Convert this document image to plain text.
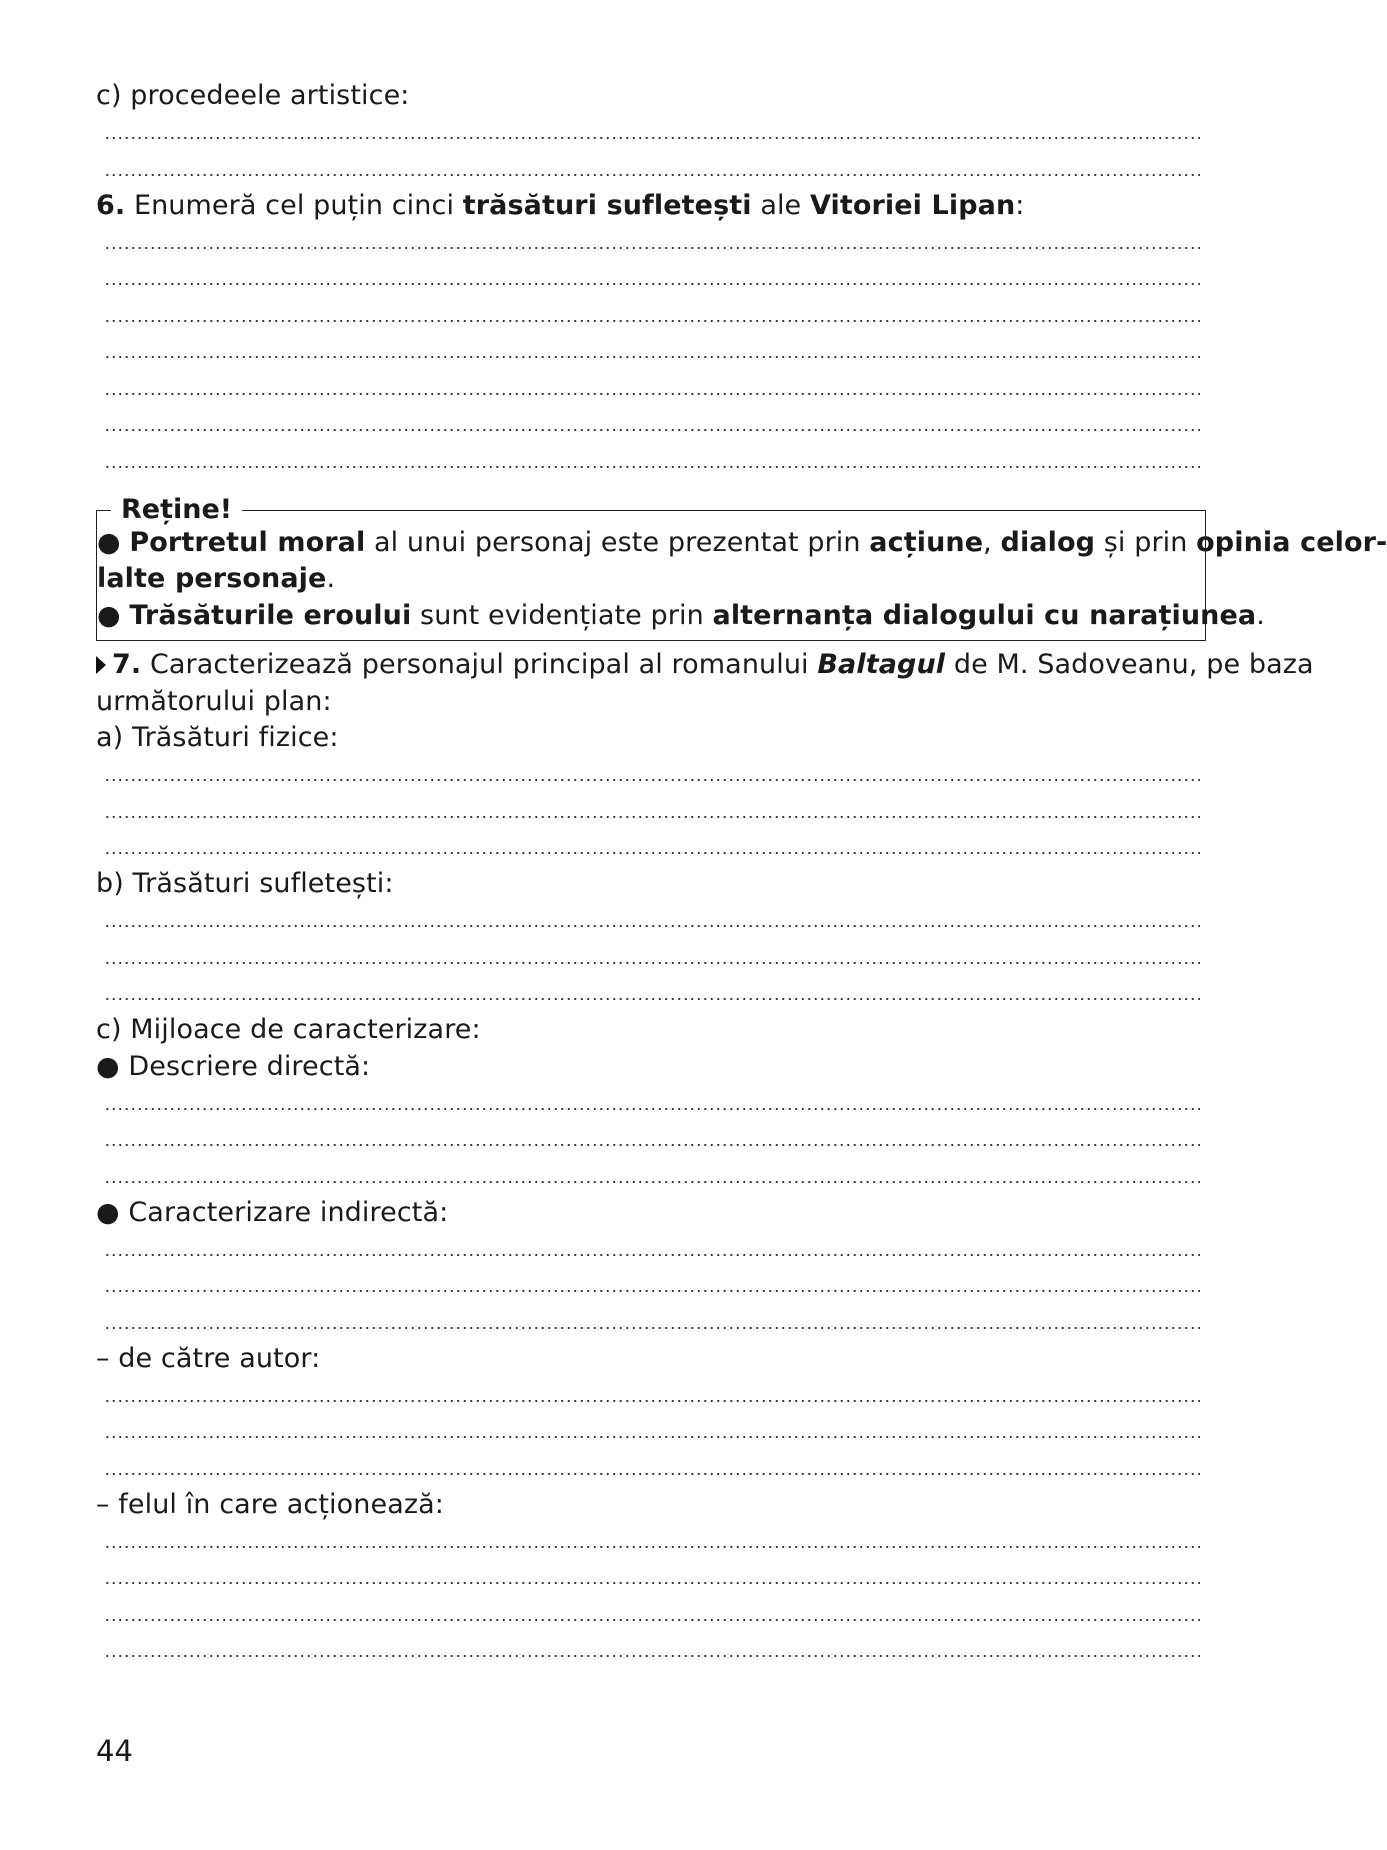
c) procedeele artistice:
6. Enumeră cel puțin cinci trăsături sufletești ale Vitoriei Lipan:
Reține!
● Portretul moral al unui personaj este prezentat prin acțiune, dialog și prin opinia celor-
lalte personaje.
● Trăsăturile eroului sunt evidențiate prin alternanța dialogului cu narațiunea.
7. Caracterizează personajul principal al romanului Baltagul de M. Sadoveanu, pe baza
următorului plan:
a) Trăsături fizice:
b) Trăsături sufletești:
c) Mijloace de caracterizare:
● Descriere directă:
● Caracterizare indirectă:
– de către autor:
– felul în care acționează:
44
